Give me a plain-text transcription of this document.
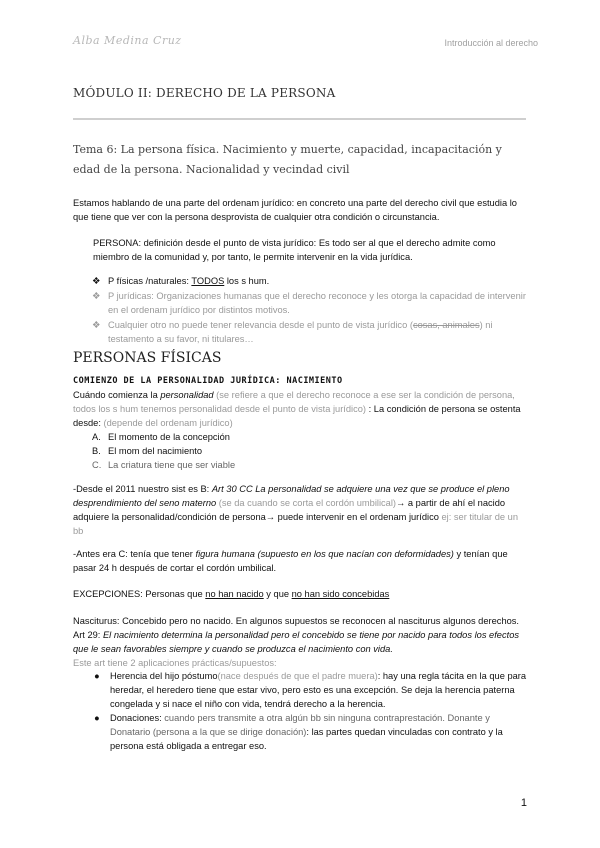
Alba Medina Cruz	Introducción al derecho
MÓDULO II: DERECHO DE LA PERSONA
Tema 6: La persona física. Nacimiento y muerte, capacidad, incapacitación y edad de la persona. Nacionalidad y vecindad civil

Estamos hablando de una parte del ordenam jurídico: en concreto una parte del derecho civil que estudia lo que tiene que ver con la persona desprovista de cualquier otra condición o circunstancia.

PERSONA: definición desde el punto de vista jurídico: Es todo ser al que el derecho admite como miembro de la comunidad y, por tanto, le permite intervenir en la vida jurídica.

❖ P físicas /naturales: TODOS los s hum.
❖ P jurídicas: Organizaciones humanas que el derecho reconoce y les otorga la capacidad de intervenir en el ordenam jurídico por distintos motivos.
❖ Cualquier otro no puede tener relevancia desde el punto de vista jurídico (cosas, animales) ni testamento a su favor, ni titulares…
PERSONAS FÍSICAS
COMIENZO DE LA PERSONALIDAD JURÍDICA: NACIMIENTO

Cuándo comienza la personalidad (se refiere a que el derecho reconoce a ese ser la condición de persona, todos los s hum tenemos personalidad desde el punto de vista jurídico) : La condición de persona se ostenta desde: (depende del ordenam jurídico)

A. El momento de la concepción
B. El mom del nacimiento
C. La criatura tiene que ser viable

-Desde el 2011 nuestro sist es B: Art 30 CC La personalidad se adquiere una vez que se produce el pleno desprendimiento del seno materno (se da cuando se corta el cordón umbilical)→ a partir de ahí el nacido adquiere la personalidad/condición de persona→ puede intervenir en el ordenam jurídico ej: ser titular de un bb

-Antes era C: tenía que tener figura humana (supuesto en los que nacían con deformidades) y tenían que pasar 24 h después de cortar el cordón umbilical.

EXCEPCIONES: Personas que no han nacido y que no han sido concebidas

Nasciturus: Concebido pero no nacido. En algunos supuestos se reconocen al nasciturus algunos derechos. Art 29: El nacimiento determina la personalidad pero el concebido se tiene por nacido para todos los efectos que le sean favorables siempre y cuando se produzca el nacimiento con vida.
Este art tiene 2 aplicaciones prácticas/supuestos:

● Herencia del hijo póstumo(nace después de que el padre muera): hay una regla tácita en la que para heredar, el heredero tiene que estar vivo, pero esto es una excepción. Se deja la herencia paterna congelada y si nace el niño con vida, tendrá derecho a la herencia.
● Donaciones: cuando pers transmite a otra algún bb sin ninguna contraprestación. Donante y Donatario (persona a la que se dirige donación): las partes quedan vinculadas con contrato y la persona está obligada a entregar eso.
1
